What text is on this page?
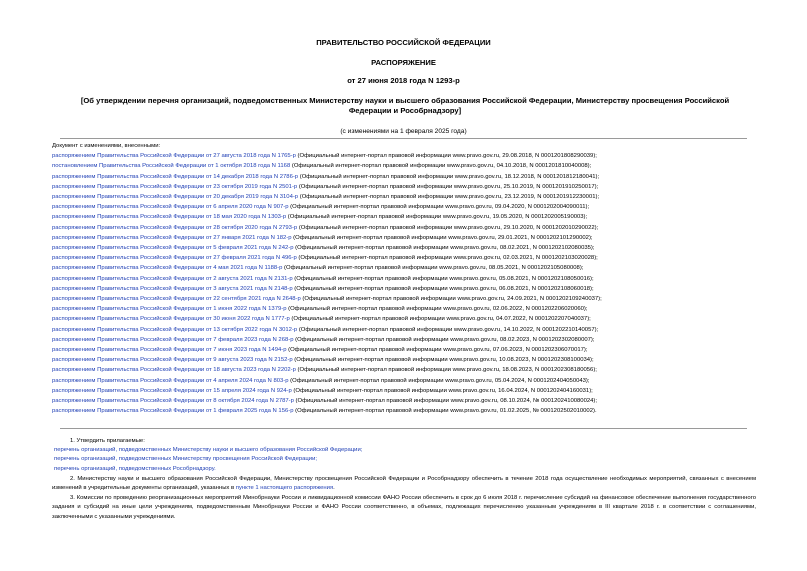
ПРАВИТЕЛЬСТВО РОССИЙСКОЙ ФЕДЕРАЦИИ
РАСПОРЯЖЕНИЕ
от 27 июня 2018 года N 1293-р
[Об утверждении перечня организаций, подведомственных Министерству науки и высшего образования Российской Федерации, Министерству просвещения Российской Федерации и Рособрнадзору]
(с изменениями на 1 февраля 2025 года)
Документ с изменениями, внесенными:
распоряжением Правительства Российской Федерации от 27 августа 2018 года N 1765-р (Официальный интернет-портал правовой информации www.pravo.gov.ru, 29.08.2018, N 0001201808290039);
постановлением Правительства Российской Федерации от 1 октября 2018 года N 1168 (Официальный интернет-портал правовой информации www.pravo.gov.ru, 04.10.2018, N 0001201810040008);
распоряжением Правительства Российской Федерации от 14 декабря 2018 года N 2786-р (Официальный интернет-портал правовой информации www.pravo.gov.ru, 18.12.2018, N 0001201812180041);
распоряжением Правительства Российской Федерации от 23 октября 2019 года N 2501-р (Официальный интернет-портал правовой информации www.pravo.gov.ru, 25.10.2019, N 0001201910250017);
распоряжением Правительства Российской Федерации от 20 декабря 2019 года N 3104-р (Официальный интернет-портал правовой информации www.pravo.gov.ru, 23.12.2019, N 0001201912230001);
распоряжением Правительства Российской Федерации от 6 апреля 2020 года N 907-р (Официальный интернет-портал правовой информации www.pravo.gov.ru, 09.04.2020, N 0001202004090011);
распоряжением Правительства Российской Федерации от 18 мая 2020 года N 1303-р (Официальный интернет-портал правовой информации www.pravo.gov.ru, 19.05.2020, N 0001202005190003);
распоряжением Правительства Российской Федерации от 28 октября 2020 года N 2793-р (Официальный интернет-портал правовой информации www.pravo.gov.ru, 29.10.2020, N 0001202010290022);
распоряжением Правительства Российской Федерации от 27 января 2021 года N 182-р (Официальный интернет-портал правовой информации www.pravo.gov.ru, 29.01.2021, N 0001202101290002);
распоряжением Правительства Российской Федерации от 5 февраля 2021 года N 242-р (Официальный интернет-портал правовой информации www.pravo.gov.ru, 08.02.2021, N 0001202102080035);
распоряжением Правительства Российской Федерации от 27 февраля 2021 года N 496-р (Официальный интернет-портал правовой информации www.pravo.gov.ru, 02.03.2021, N 0001202103020028);
распоряжением Правительства Российской Федерации от 4 мая 2021 года N 1188-р (Официальный интернет-портал правовой информации www.pravo.gov.ru, 08.05.2021, N 0001202105080008);
распоряжением Правительства Российской Федерации от 2 августа 2021 года N 2131-р (Официальный интернет-портал правовой информации www.pravo.gov.ru, 05.08.2021, N 0001202108050016);
распоряжением Правительства Российской Федерации от 3 августа 2021 года N 2148-р (Официальный интернет-портал правовой информации www.pravo.gov.ru, 06.08.2021, N 0001202108060018);
распоряжением Правительства Российской Федерации от 22 сентября 2021 года N 2648-р (Официальный интернет-портал правовой информации www.pravo.gov.ru, 24.09.2021, N 0001202109240037);
распоряжением Правительства Российской Федерации от 1 июня 2022 года N 1379-р (Официальный интернет-портал правовой информации www.pravo.gov.ru, 02.06.2022, N 0001202206020060);
распоряжением Правительства Российской Федерации от 30 июня 2022 года N 1777-р (Официальный интернет-портал правовой информации www.pravo.gov.ru, 04.07.2022, N 0001202207040037);
распоряжением Правительства Российской Федерации от 13 октября 2022 года N 3012-р (Официальный интернет-портал правовой информации www.pravo.gov.ru, 14.10.2022, N 0001202210140057);
распоряжением Правительства Российской Федерации от 7 февраля 2023 года N 268-р (Официальный интернет-портал правовой информации www.pravo.gov.ru, 08.02.2023, N 0001202302080007);
распоряжением Правительства Российской Федерации от 7 июня 2023 года N 1494-р (Официальный интернет-портал правовой информации www.pravo.gov.ru, 07.06.2023, N 0001202306070017);
распоряжением Правительства Российской Федерации от 9 августа 2023 года N 2152-р (Официальный интернет-портал правовой информации www.pravo.gov.ru, 10.08.2023, N 0001202308100034);
распоряжением Правительства Российской Федерации от 18 августа 2023 года N 2202-р (Официальный интернет-портал правовой информации www.pravo.gov.ru, 18.08.2023, N 0001202308180056);
распоряжением Правительства Российской Федерации от 4 апреля 2024 года N 803-р (Официальный интернет-портал правовой информации www.pravo.gov.ru, 05.04.2024, N 0001202404050043);
распоряжением Правительства Российской Федерации от 15 апреля 2024 года N 924-р (Официальный интернет-портал правовой информации www.pravo.gov.ru, 16.04.2024, N 0001202404160031);
распоряжением Правительства Российской Федерации от 8 октября 2024 года N 2787-р (Официальный интернет-портал правовой информации www.pravo.gov.ru, 08.10.2024, № 0001202410080024);
распоряжением Правительства Российской Федерации от 1 февраля 2025 года N 156-р (Официальный интернет-портал правовой информации www.pravo.gov.ru, 01.02.2025, № 0001202502010002).

1. Утвердить прилагаемые:

перечень организаций, подведомственных Министерству науки и высшего образования Российской Федерации;

перечень организаций, подведомственных Министерству просвещения Российской Федерации;

перечень организаций, подведомственных Рособрнадзору.

2. Министерству науки и высшего образования Российской Федерации, Министерству просвещения Российской Федерации и Рособрнадзору обеспечить в течение 2018 года осуществление необходимых мероприятий, связанных с внесением изменений в учредительные документы организаций, указанных в пункте 1 настоящего распоряжения.

3. Комиссии по проведению реорганизационных мероприятий Минобрнауки России и ликвидационной комиссии ФАНО России обеспечить в срок до 6 июля 2018 г. перечисление субсидий на финансовое обеспечение выполнения государственного задания и субсидий на иные цели учреждениям, подведомственным Минобрнауки России и ФАНО России соответственно, в объемах, подлежащих перечислению указанным учреждениям в III квартале 2018 г. в соответствии с соглашениями, заключенными с указанными учреждениями.
